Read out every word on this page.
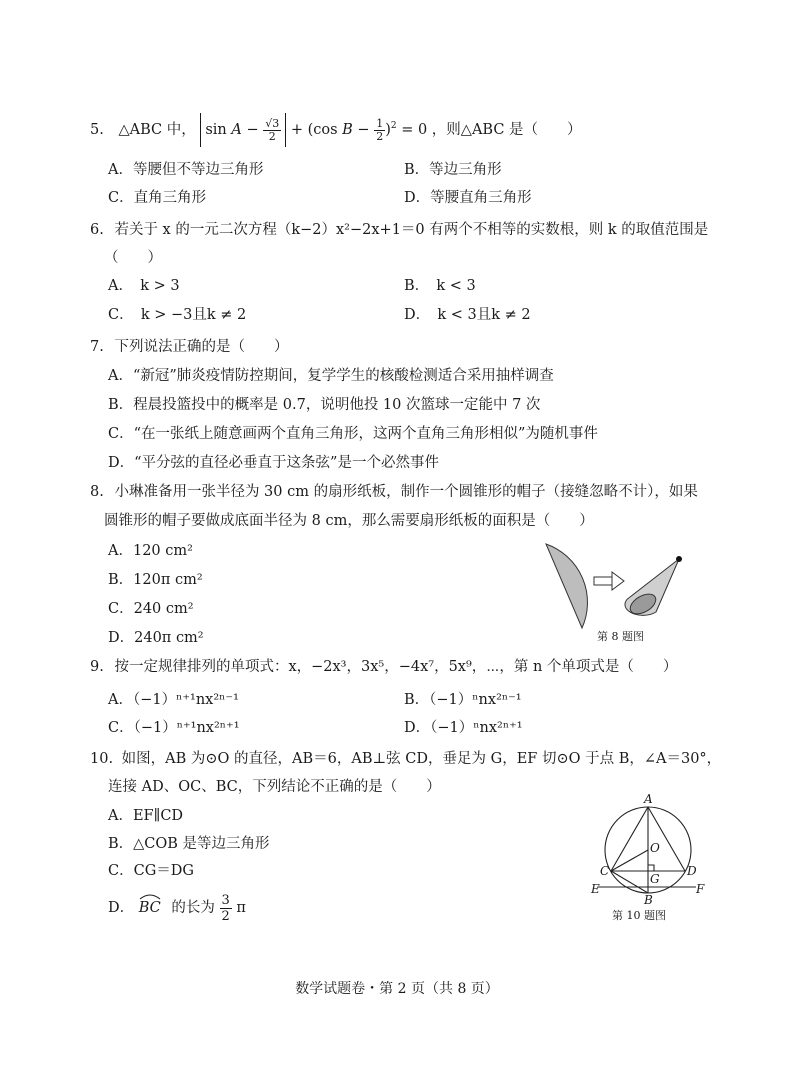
5. △ABC 中， $\sin A - \frac{√3}{2} + (\cos$ $B - \frac{1}{2} )^2 = 0$ ，则△ABC 是（　　）
A．等腰但不等边三角形	B．等边三角形
C．直角三角形	D．等腰直角三角形
6. 若关于 x 的一元二次方程（k−2）x²−2x+1＝0 有两个不相等的实数根，则 k 的取值范围是
（　　）
A．　k > 3	B．　k < 3
C．　k > −3且k ≠ 2	D．　k < 3且k ≠ 2
7. 下列说法正确的是（　　）
A．“新冠”肺炎疫情防控期间，复学学生的核酸检测适合采用抽样调查
B．程晨投篮投中的概率是 0.7，说明他投 10 次篮球一定能中 7 次
C．“在一张纸上随意画两个直角三角形，这两个直角三角形相似”为随机事件
D．“平分弦的直径必垂直于这条弦”是一个必然事件
8. 小琳准备用一张半径为 30 cm 的扇形纸板，制作一个圆锥形的帽子（接缝忽略不计），如果
圆锥形的帽子要做成底面半径为 8 cm，那么需要扇形纸板的面积是（　　）
A．120 cm²
B．120π cm²
C．240 cm²
D．240π cm²	第 8 题图
9. 按一定规律排列的单项式：x，−2x³，3x⁵，−4x⁷，5x⁹，⋯，第 n 个单项式是（　　）
A．（−1）ⁿ⁺¹nx²ⁿ⁻¹	B．（−1）ⁿnx²ⁿ⁻¹
C．（−1）ⁿ⁺¹nx²ⁿ⁺¹	D．（−1）ⁿnx²ⁿ⁺¹
10. 如图，AB 为⊙O 的直径，AB＝6，AB⊥弦 CD，垂足为 G，EF 切⊙O 于点 B，∠A＝30°，
连接 AD、OC、BC，下列结论不正确的是（　　）
A．EF∥CD
B．△COB 是等边三角形
C．CG＝DG
D． BC 的长为 $\frac{3}{2}$ π
A
O
C	D
G
E
B
F
第 10 题图
数学试题卷・第 2 页（共 8 页）
